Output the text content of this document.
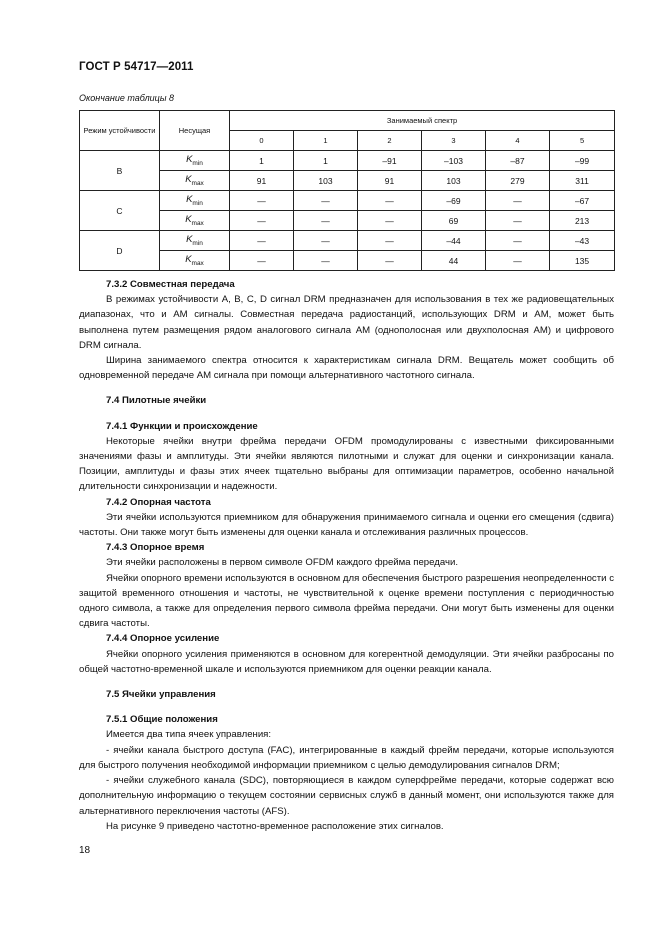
ГОСТ Р 54717—2011
Окончание таблицы 8
Режим устойчивости	Несущая	Занимаемый спектр					
		0	1	2	3	4	5
B	$K_{min}$	1	1	–91	–103	–87	–99
	$K_{max}$	91	103	91	103	279	311
C	$K_{min}$	—	—	—	–69	—	–67
	$K_{max}$	—	—	—	69	—	213
D	$K_{min}$	—	—	—	–44	—	–43
	$K_{max}$	—	—	—	44	—	135

7.3.2 Совместная передача

В режимах устойчивости A, B, C, D сигнал DRM предназначен для использования в тех же радиовещательных диапазонах, что и АМ сигналы. Совместная передача радиостанций, использующих DRM и АМ, может быть выполнена путем размещения рядом аналогового сигнала АМ (однополосная или двухполосная АМ) и цифрового DRM сигнала.

Ширина занимаемого спектра относится к характеристикам сигнала DRM. Вещатель может сообщить об одновременной передаче АМ сигнала при помощи альтернативного частотного сигнала.

7.4 Пилотные ячейки

7.4.1 Функции и происхождение

Некоторые ячейки внутри фрейма передачи OFDM промодулированы с известными фиксированными значениями фазы и амплитуды. Эти ячейки являются пилотными и служат для оценки и синхронизации канала. Позиции, амплитуды и фазы этих ячеек тщательно выбраны для оптимизации параметров, особенно начальной длительности синхронизации и надежности.

7.4.2 Опорная частота

Эти ячейки используются приемником для обнаружения принимаемого сигнала и оценки его смещения (сдвига) частоты. Они также могут быть изменены для оценки канала и отслеживания различных процессов.

7.4.3 Опорное время

Эти ячейки расположены в первом символе OFDM каждого фрейма передачи.

Ячейки опорного времени используются в основном для обеспечения быстрого разрешения неопределенности с защитой временного отношения и частоты, не чувствительной к оценке времени поступления с периодичностью одного символа, а также для определения первого символа фрейма передачи. Они могут быть изменены для оценки сдвига частоты.

7.4.4 Опорное усиление

Ячейки опорного усиления применяются в основном для когерентной демодуляции. Эти ячейки разбросаны по общей частотно-временной шкале и используются приемником для оценки реакции канала.

7.5 Ячейки управления

7.5.1 Общие положения

Имеется два типа ячеек управления:

- ячейки канала быстрого доступа (FAC), интегрированные в каждый фрейм передачи, которые используются для быстрого получения необходимой информации приемником с целью демодулирования сигналов DRM;

- ячейки служебного канала (SDC), повторяющиеся в каждом суперфрейме передачи, которые содержат всю дополнительную информацию о текущем состоянии сервисных служб в данный момент, они используются также для альтернативного переключения частоты (AFS).

На рисунке 9 приведено частотно-временное расположение этих сигналов.

18
